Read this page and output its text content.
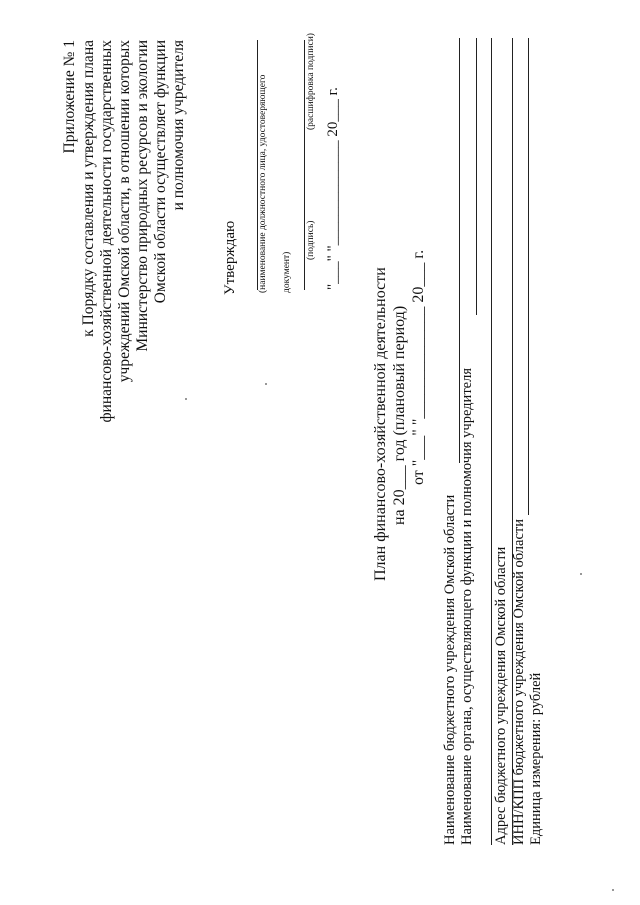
Приложение № 1 к Порядку составления и утверждения плана финансово-хозяйственной деятельности государственных учреждений Омской области, в отношении которых Министерство природных ресурсов и экологии Омской области осуществляет функции и полномочия учредителя
Утверждаю (наименование должностного лица, удостоверяющего документ)
(подпись)
(расшифровка подписи)
"___" "______________ 20___ г.
План финансово-хозяйственной деятельности на 20___ год (плановый период) от "___" "______________ 20___ г.
Наименование бюджетного учреждения Омской области Наименование органа, осуществляющего функции и полномочия учредителя Адрес бюджетного учреждения Омской области ИНН/КПП бюджетного учреждения Омской области Единица измерения: рублей
